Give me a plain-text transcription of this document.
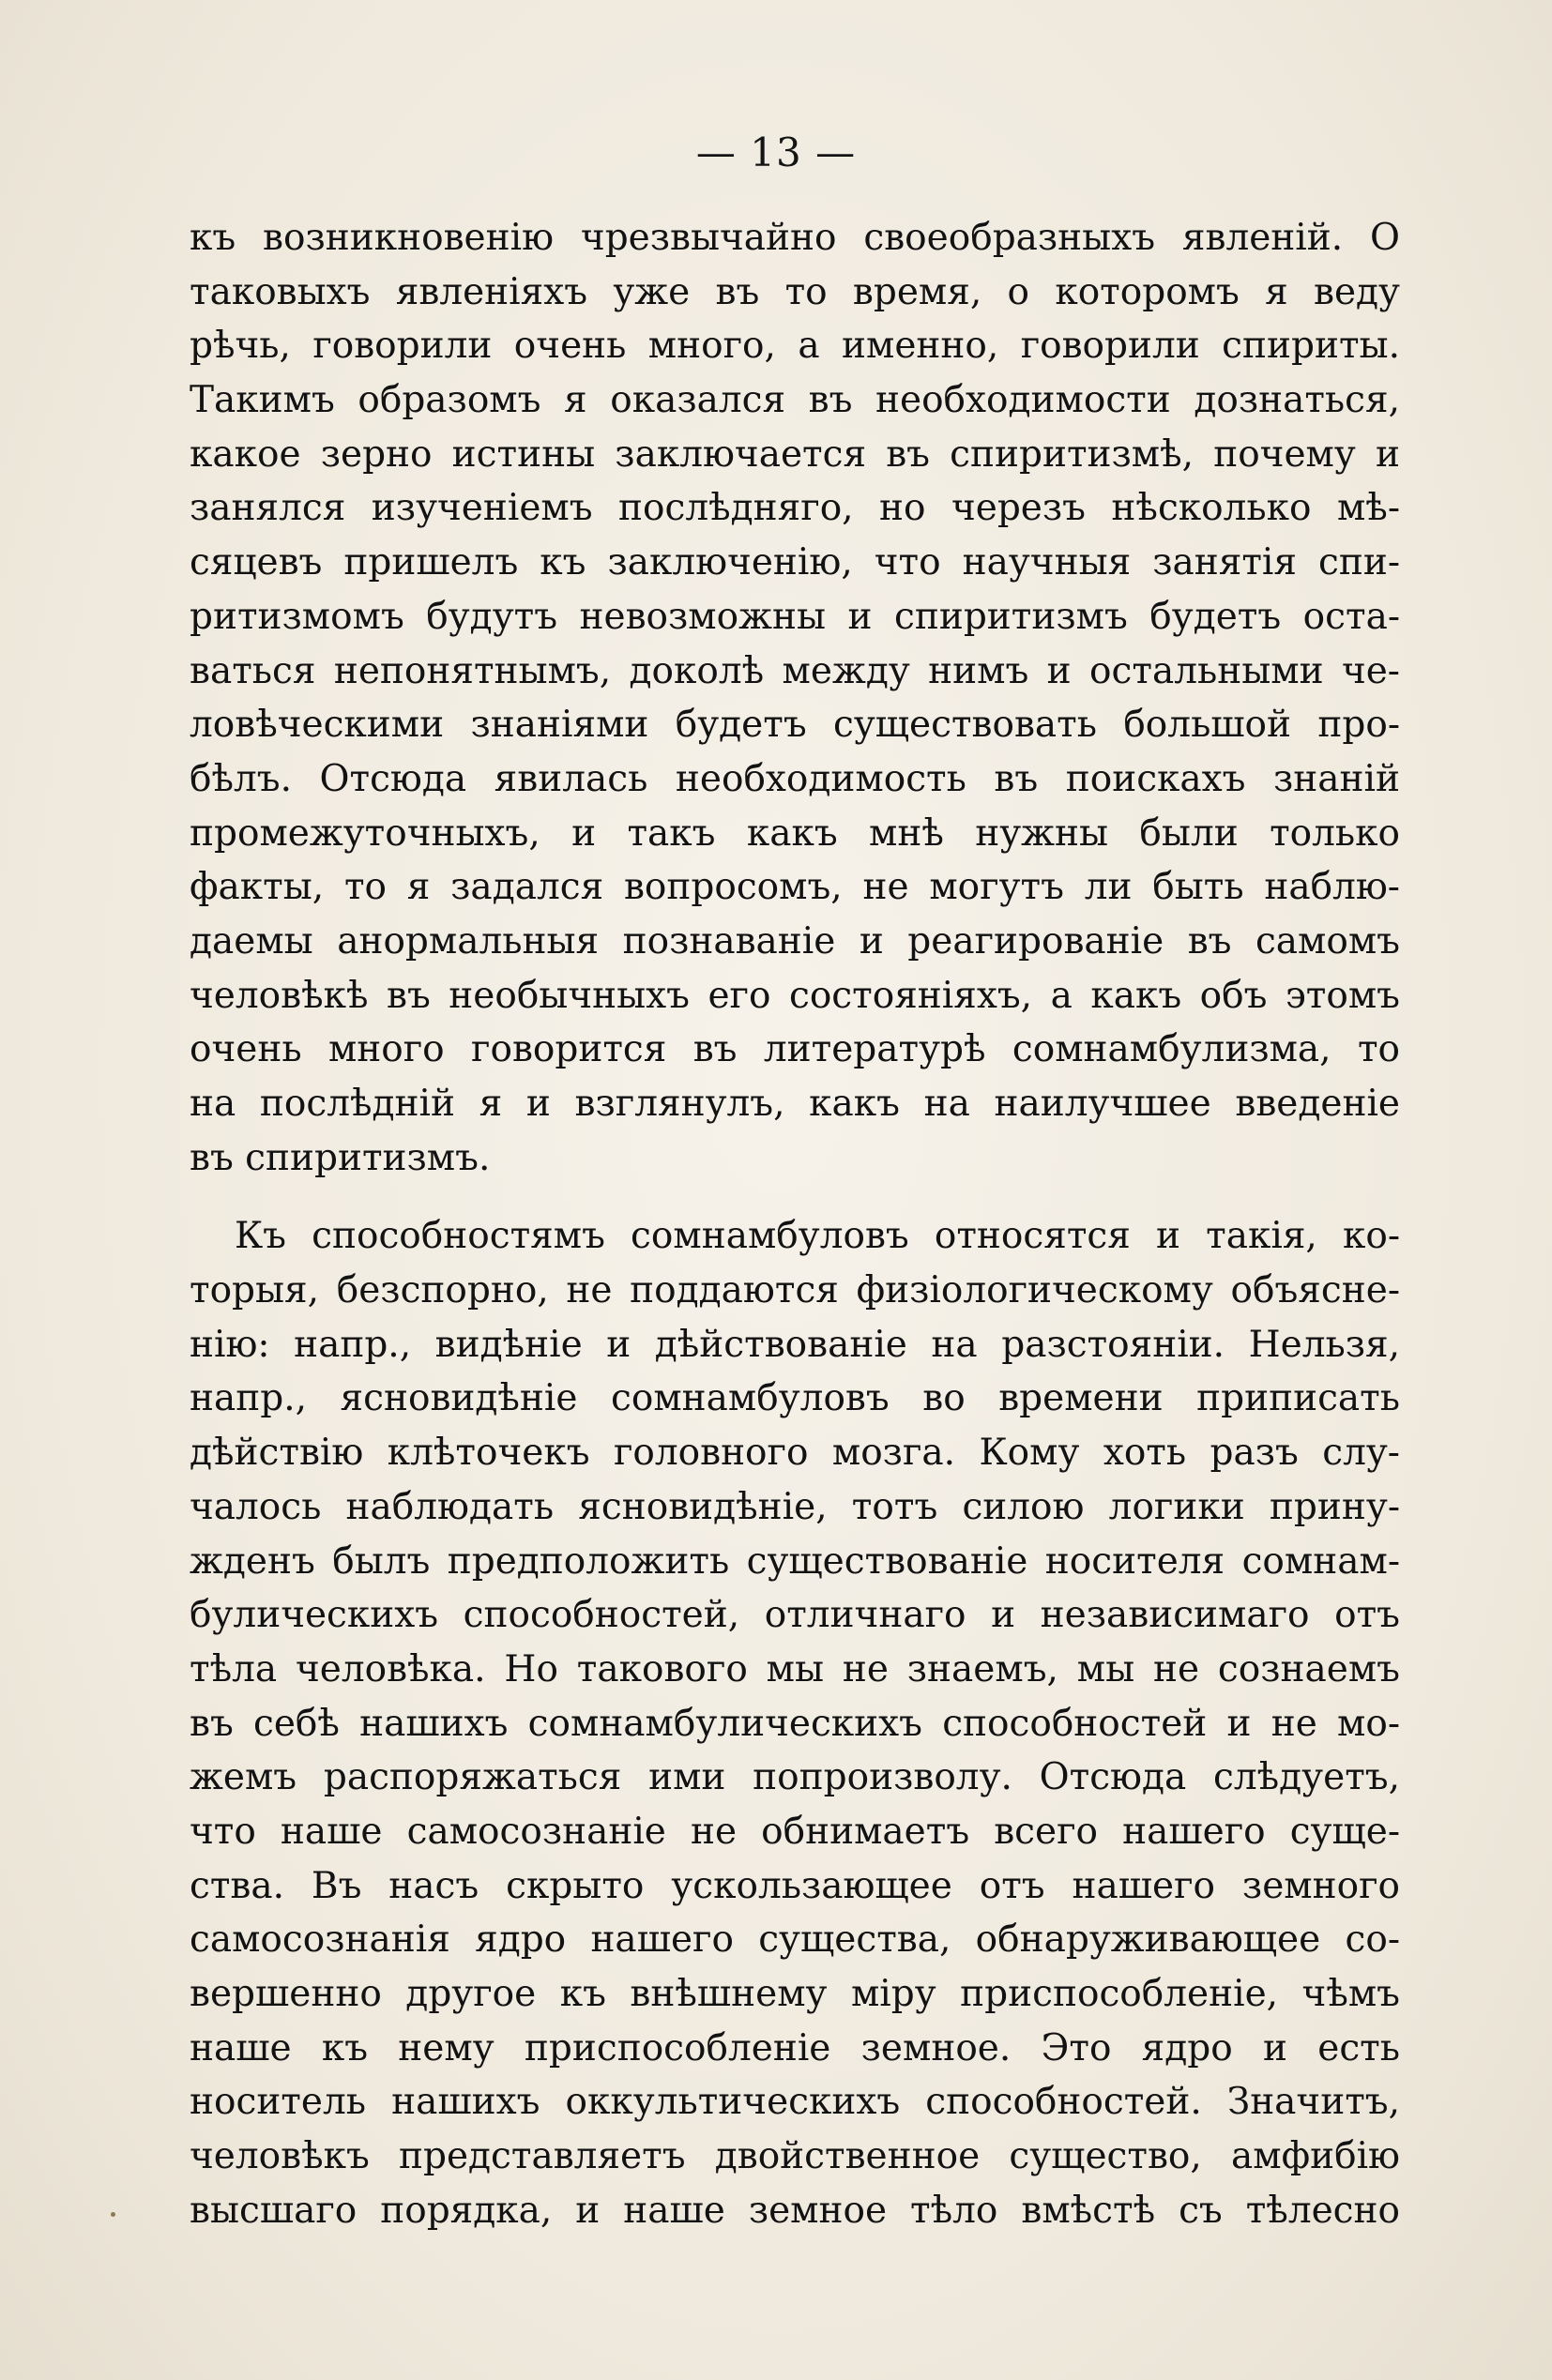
— 13 —
къ возникновенію чрезвычайно своеобразныхъ явленій. О
таковыхъ явленіяхъ уже въ то время, о которомъ я веду
рѣчь, говорили очень много, а именно, говорили спириты.
Такимъ образомъ я оказался въ необходимости дознаться,
какое зерно истины заключается въ спиритизмѣ, почему и
занялся изученіемъ послѣдняго, но черезъ нѣсколько мѣ-
сяцевъ пришелъ къ заключенію, что научныя занятія спи-
ритизмомъ будутъ невозможны и спиритизмъ будетъ оста-
ваться непонятнымъ, доколѣ между нимъ и остальными че-
ловѣческими знаніями будетъ существовать большой про-
бѣлъ. Отсюда явилась необходимость въ поискахъ знаній
промежуточныхъ, и такъ какъ мнѣ нужны были только
факты, то я задался вопросомъ, не могутъ ли быть наблю-
даемы анормальныя познаваніе и реагированіе въ самомъ
человѣкѣ въ необычныхъ его состояніяхъ, а какъ объ этомъ
очень много говорится въ литературѣ сомнамбулизма, то
на послѣдній я и взглянулъ, какъ на наилучшее введеніе
въ спиритизмъ.
Къ способностямъ сомнамбуловъ относятся и такія, ко-
торыя, безспорно, не поддаются физіологическому объясне-
нію: напр., видѣніе и дѣйствованіе на разстояніи. Нельзя,
напр., ясновидѣніе сомнамбуловъ во времени приписать
дѣйствію клѣточекъ головного мозга. Кому хоть разъ слу-
чалось наблюдать ясновидѣніе, тотъ силою логики прину-
жденъ былъ предположить существованіе носителя сомнам-
булическихъ способностей, отличнаго и независимаго отъ
тѣла человѣка. Но такового мы не знаемъ, мы не сознаемъ
въ себѣ нашихъ сомнамбулическихъ способностей и не мо-
жемъ распоряжаться ими попроизволу. Отсюда слѣдуетъ,
что наше самосознаніе не обнимаетъ всего нашего суще-
ства. Въ насъ скрыто ускользающее отъ нашего земного
самосознанія ядро нашего существа, обнаруживающее со-
вершенно другое къ внѣшнему міру приспособленіе, чѣмъ
наше къ нему приспособленіе земное. Это ядро и есть
носитель нашихъ оккультическихъ способностей. Значитъ,
человѣкъ представляетъ двойственное существо, амфибію
высшаго порядка, и наше земное тѣло вмѣстѣ съ тѣлесно
